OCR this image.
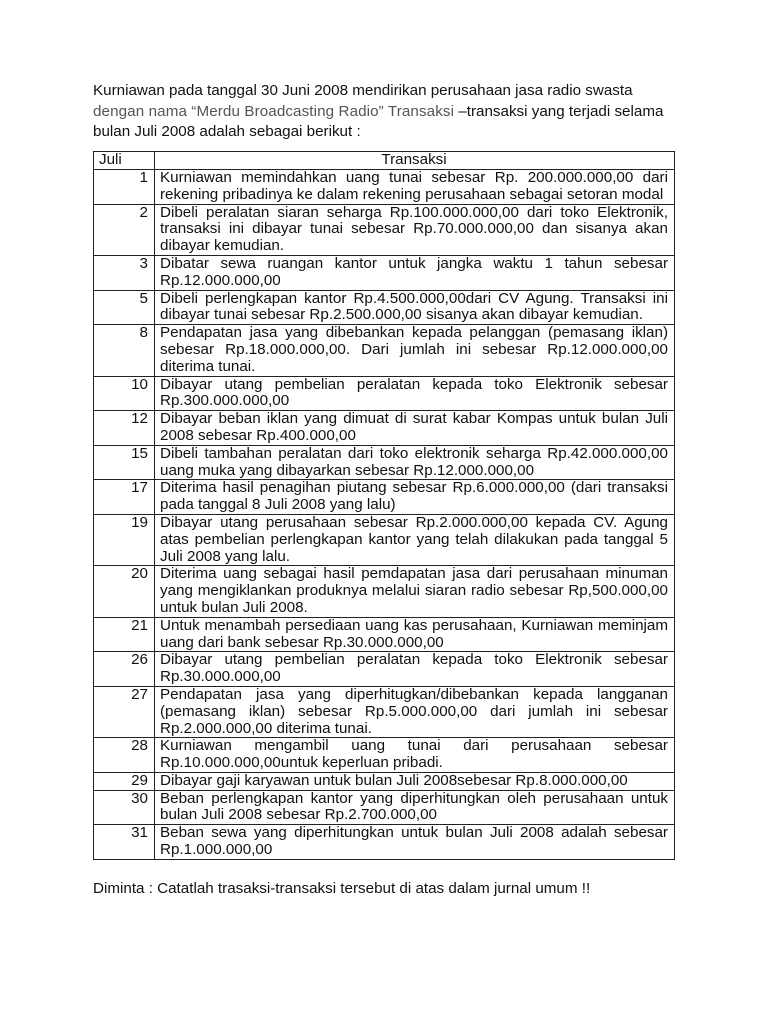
Kurniawan pada tanggal 30 Juni 2008 mendirikan perusahaan jasa radio swasta
dengan nama “Merdu Broadcasting Radio” Transaksi –transaksi yang terjadi selama
bulan Juli 2008 adalah sebagai berikut :
Juli	Transaksi
1	Kurniawan memindahkan uang tunai sebesar Rp. 200.000.000,00 dari rekening pribadinya ke dalam rekening perusahaan sebagai setoran modal
2	Dibeli peralatan siaran seharga Rp.100.000.000,00 dari toko Elektronik, transaksi ini dibayar tunai sebesar Rp.70.000.000,00 dan sisanya akan dibayar kemudian.
3	Dibatar sewa ruangan kantor untuk jangka waktu 1 tahun sebesar Rp.12.000.000,00
5	Dibeli perlengkapan kantor Rp.4.500.000,00dari CV Agung. Transaksi ini dibayar tunai sebesar Rp.2.500.000,00 sisanya akan dibayar kemudian.
8	Pendapatan jasa yang dibebankan kepada pelanggan (pemasang iklan) sebesar Rp.18.000.000,00. Dari jumlah ini sebesar Rp.12.000.000,00 diterima tunai.
10	Dibayar utang pembelian peralatan kepada toko Elektronik sebesar Rp.300.000.000,00
12	Dibayar beban iklan yang dimuat di surat kabar Kompas untuk bulan Juli 2008 sebesar Rp.400.000,00
15	Dibeli tambahan peralatan dari toko elektronik seharga Rp.42.000.000,00 uang muka yang dibayarkan sebesar Rp.12.000.000,00
17	Diterima hasil penagihan piutang sebesar Rp.6.000.000,00 (dari transaksi pada tanggal 8 Juli 2008 yang lalu)
19	Dibayar utang perusahaan sebesar Rp.2.000.000,00 kepada CV. Agung atas pembelian perlengkapan kantor yang telah dilakukan pada tanggal 5 Juli 2008 yang lalu.
20	Diterima uang sebagai hasil pemdapatan jasa dari perusahaan minuman yang mengiklankan produknya melalui siaran radio sebesar Rp,500.000,00 untuk bulan Juli 2008.
21	Untuk menambah persediaan uang kas perusahaan, Kurniawan meminjam uang dari bank sebesar Rp.30.000.000,00
26	Dibayar utang pembelian peralatan kepada toko Elektronik sebesar Rp.30.000.000,00
27	Pendapatan jasa yang diperhitugkan/dibebankan kepada langganan (pemasang iklan) sebesar Rp.5.000.000,00 dari jumlah ini sebesar Rp.2.000.000,00 diterima tunai.
28	Kurniawan mengambil uang tunai dari perusahaan sebesar Rp.10.000.000,00untuk keperluan pribadi.
29	Dibayar gaji karyawan untuk bulan Juli 2008sebesar Rp.8.000.000,00
30	Beban perlengkapan kantor yang diperhitungkan oleh perusahaan untuk bulan Juli 2008 sebesar Rp.2.700.000,00
31	Beban sewa yang diperhitungkan untuk bulan Juli 2008 adalah sebesar Rp.1.000.000,00
Diminta : Catatlah trasaksi-transaksi tersebut di atas dalam jurnal umum !!
